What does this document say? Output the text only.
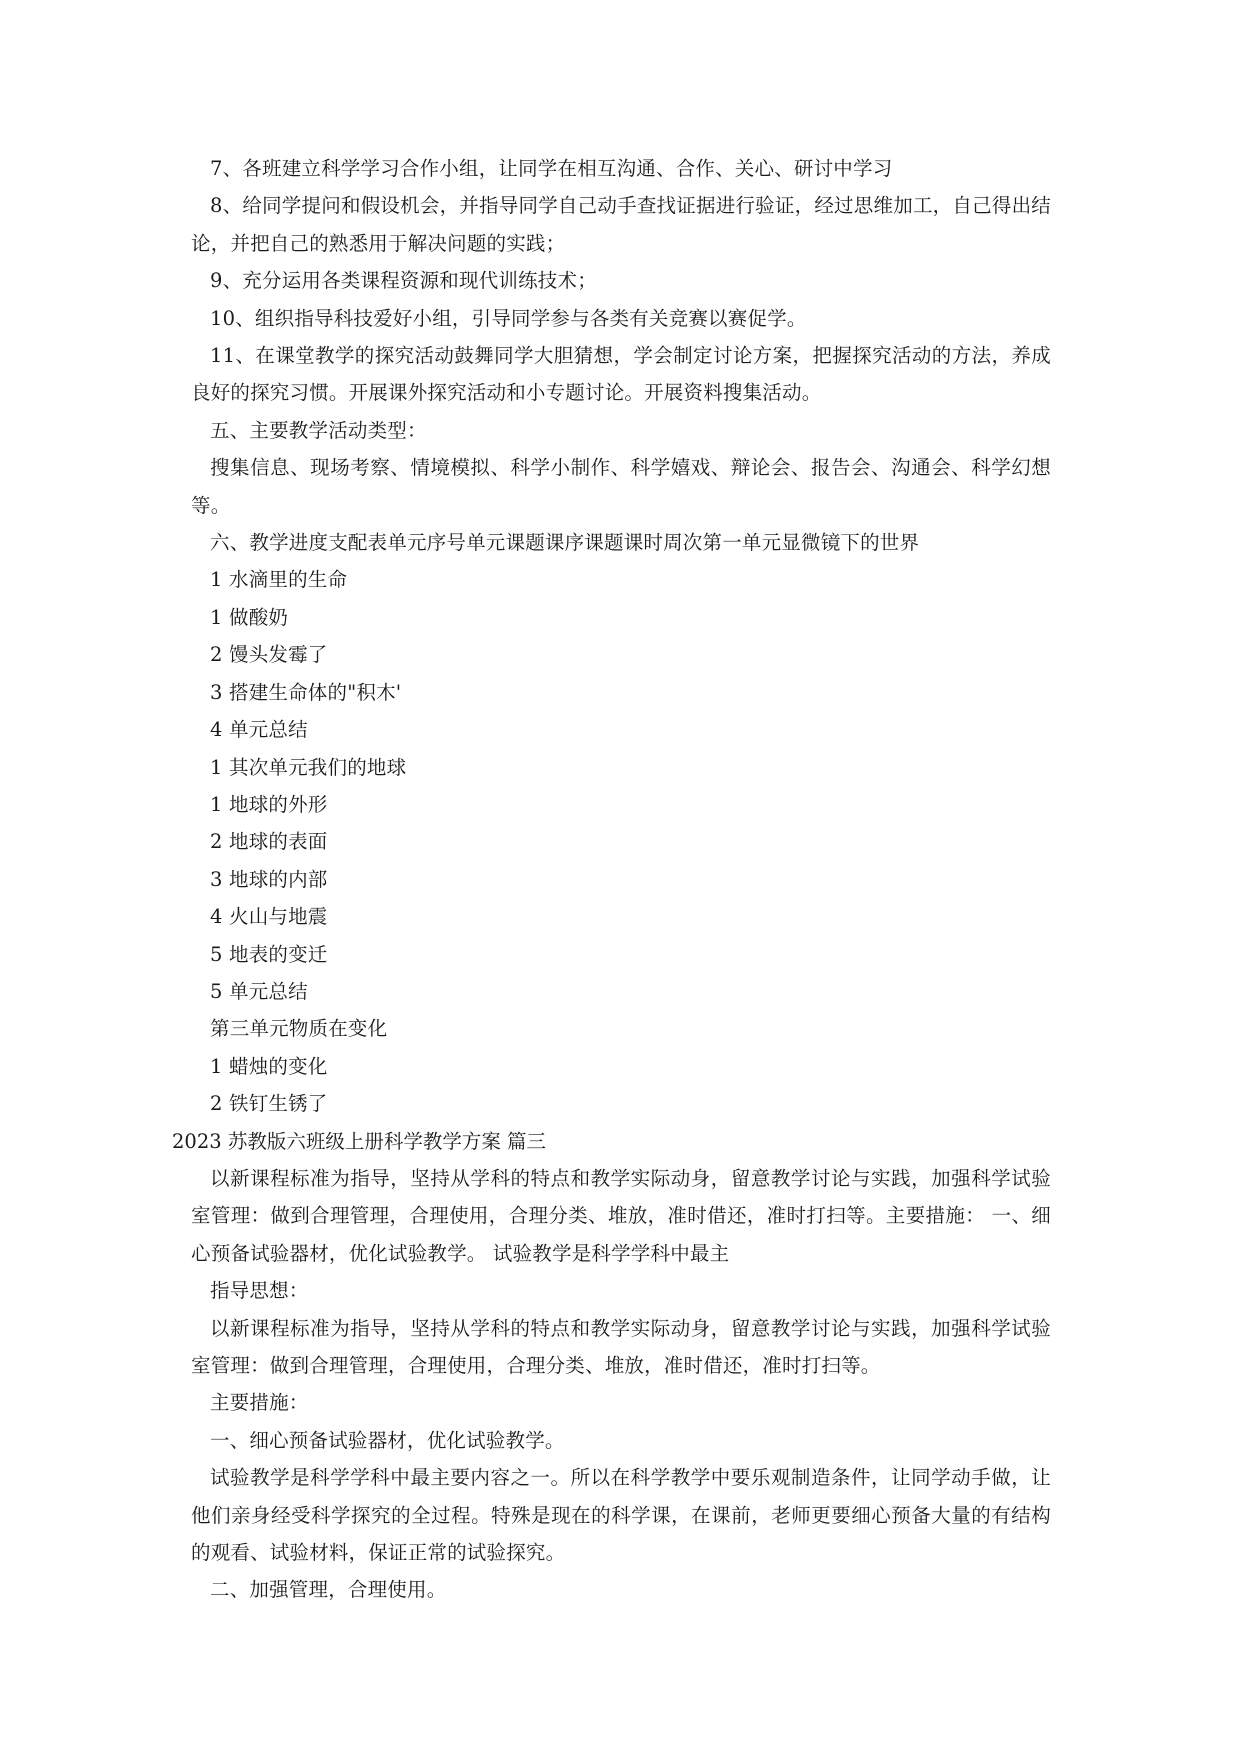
7、各班建立科学学习合作小组，让同学在相互沟通、合作、关心、研讨中学习
8、给同学提问和假设机会，并指导同学自己动手查找证据进行验证，经过思维加工，自己得出结论，并把自己的熟悉用于解决问题的实践；
9、充分运用各类课程资源和现代训练技术；
10、组织指导科技爱好小组，引导同学参与各类有关竞赛以赛促学。
11、在课堂教学的探究活动鼓舞同学大胆猜想，学会制定讨论方案，把握探究活动的方法，养成良好的探究习惯。开展课外探究活动和小专题讨论。开展资料搜集活动。
五、主要教学活动类型：
搜集信息、现场考察、情境模拟、科学小制作、科学嬉戏、辩论会、报告会、沟通会、科学幻想等。
六、教学进度支配表单元序号单元课题课序课题课时周次第一单元显微镜下的世界
1 水滴里的生命
1 做酸奶
2 馒头发霉了
3 搭建生命体的"积木'
4 单元总结
1 其次单元我们的地球
1 地球的外形
2 地球的表面
3 地球的内部
4 火山与地震
5 地表的变迁
5 单元总结
第三单元物质在变化
1 蜡烛的变化
2 铁钉生锈了
2023 苏教版六班级上册科学教学方案 篇三
以新课程标准为指导，坚持从学科的特点和教学实际动身，留意教学讨论与实践，加强科学试验室管理：做到合理管理，合理使用，合理分类、堆放，准时借还，准时打扫等。主要措施： 一、细心预备试验器材，优化试验教学。 试验教学是科学学科中最主
指导思想：
以新课程标准为指导，坚持从学科的特点和教学实际动身，留意教学讨论与实践，加强科学试验室管理：做到合理管理，合理使用，合理分类、堆放，准时借还，准时打扫等。
主要措施：
一、细心预备试验器材，优化试验教学。
试验教学是科学学科中最主要内容之一。所以在科学教学中要乐观制造条件，让同学动手做，让他们亲身经受科学探究的全过程。特殊是现在的科学课，在课前，老师更要细心预备大量的有结构的观看、试验材料，保证正常的试验探究。
二、加强管理，合理使用。
